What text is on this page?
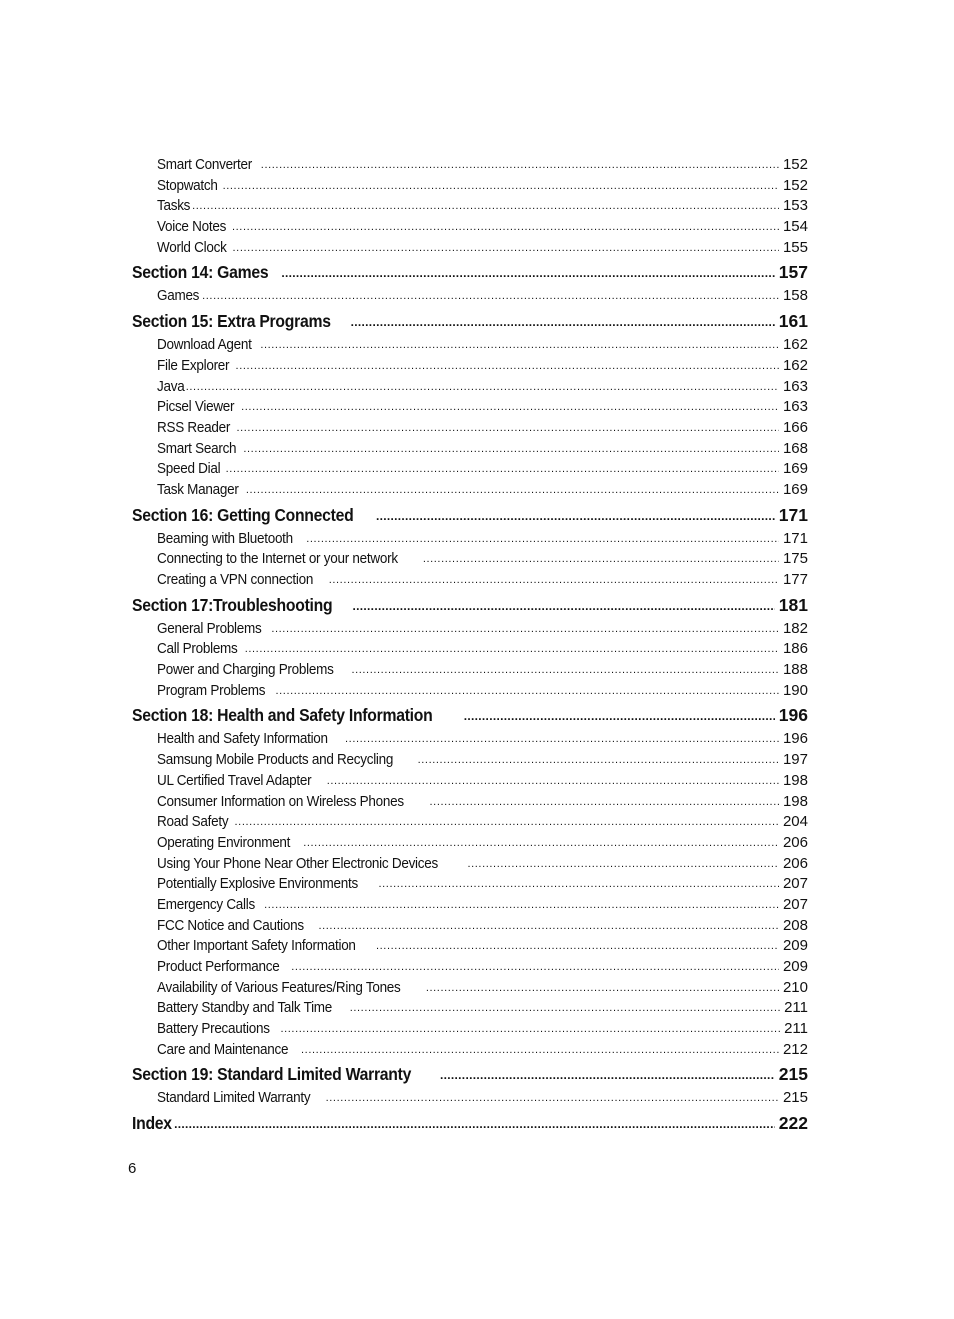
Smart Converter .....	152
Stopwatch .....	152
Tasks .....	153
Voice Notes .....	154
World Clock .....	155
Section 14: Games .....	157
Games .....	158
Section 15: Extra Programs .....	161
Download Agent .....	162
File Explorer .....	162
Java .....	163
Picsel Viewer .....	163
RSS Reader .....	166
Smart Search .....	168
Speed Dial .....	169
Task Manager .....	169
Section 16: Getting Connected .....	171
Beaming with Bluetooth .....	171
Connecting to the Internet or your network .....	175
Creating a VPN connection .....	177
Section 17:Troubleshooting .....	181
General Problems .....	182
Call Problems .....	186
Power and Charging Problems .....	188
Program Problems .....	190
Section 18: Health and Safety Information .....	196
Health and Safety Information .....	196
Samsung Mobile Products and Recycling .....	197
UL Certified Travel Adapter .....	198
Consumer Information on Wireless Phones .....	198
Road Safety .....	204
Operating Environment .....	206
Using Your Phone Near Other Electronic Devices .....	206
Potentially Explosive Environments .....	207
Emergency Calls .....	207
FCC Notice and Cautions .....	208
Other Important Safety Information .....	209
Product Performance .....	209
Availability of Various Features/Ring Tones .....	210
Battery Standby and Talk Time .....	211
Battery Precautions .....	211
Care and Maintenance .....	212
Section 19: Standard Limited Warranty .....	215
Standard Limited Warranty .....	215
Index .....	222
6
